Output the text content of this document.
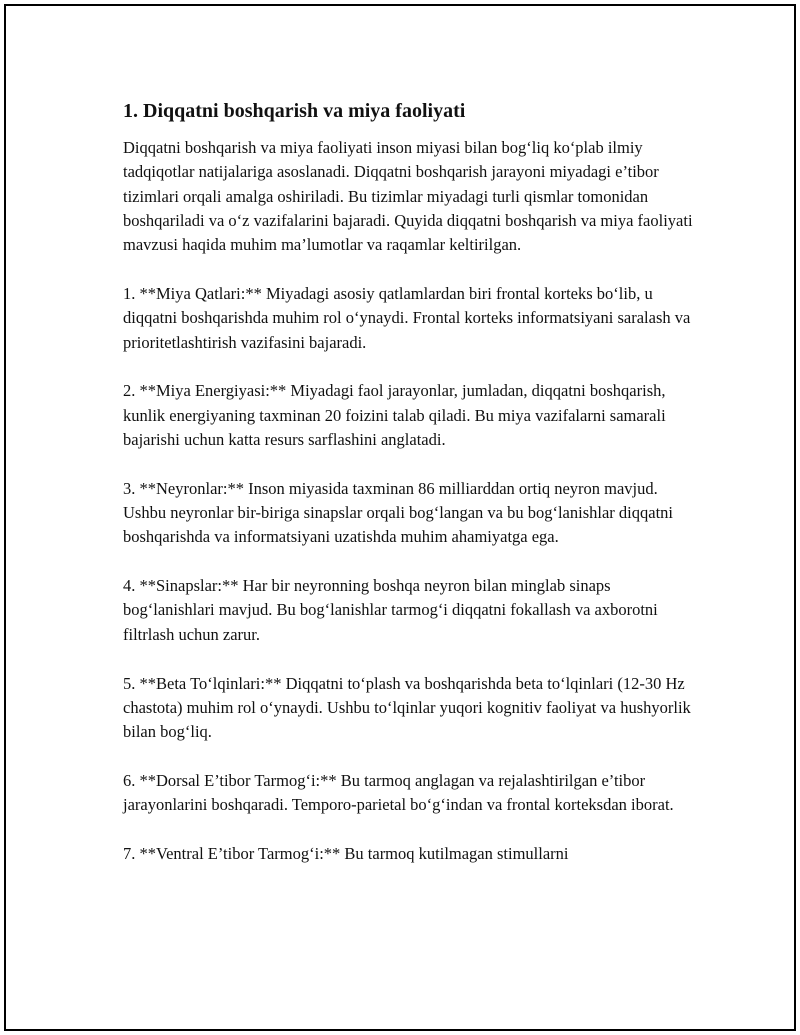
1. Diqqatni boshqarish va miya faoliyati

Diqqatni boshqarish va miya faoliyati inson miyasi bilan bog‘liq ko‘plab ilmiy tadqiqotlar natijalariga asoslanadi. Diqqatni boshqarish jarayoni miyadagi e’tibor tizimlari orqali amalga oshiriladi. Bu tizimlar miyadagi turli qismlar tomonidan boshqariladi va o‘z vazifalarini bajaradi. Quyida diqqatni boshqarish va miya faoliyati mavzusi haqida muhim ma’lumotlar va raqamlar keltirilgan.

1. **Miya Qatlari:** Miyadagi asosiy qatlamlardan biri frontal korteks bo‘lib, u diqqatni boshqarishda muhim rol o‘ynaydi. Frontal korteks informatsiyani saralash va prioritetlashtirish vazifasini bajaradi.

2. **Miya Energiyasi:** Miyadagi faol jarayonlar, jumladan, diqqatni boshqarish, kunlik energiyaning taxminan 20 foizini talab qiladi. Bu miya vazifalarni samarali bajarishi uchun katta resurs sarflashini anglatadi.

3. **Neyronlar:** Inson miyasida taxminan 86 milliarddan ortiq neyron mavjud. Ushbu neyronlar bir-biriga sinapslar orqali bog‘langan va bu bog‘lanishlar diqqatni boshqarishda va informatsiyani uzatishda muhim ahamiyatga ega.

4. **Sinapslar:** Har bir neyronning boshqa neyron bilan minglab sinaps bog‘lanishlari mavjud. Bu bog‘lanishlar tarmog‘i diqqatni fokallash va axborotni filtrlash uchun zarur.

5. **Beta To‘lqinlari:** Diqqatni to‘plash va boshqarishda beta to‘lqinlari (12-30 Hz chastota) muhim rol o‘ynaydi. Ushbu to‘lqinlar yuqori kognitiv faoliyat va hushyorlik bilan bog‘liq.

6. **Dorsal E’tibor Tarmog‘i:** Bu tarmoq anglagan va rejalashtirilgan e’tibor jarayonlarini boshqaradi. Temporo-parietal bo‘g‘indan va frontal korteksdan iborat.

7. **Ventral E’tibor Tarmog‘i:** Bu tarmoq kutilmagan stimullarni
